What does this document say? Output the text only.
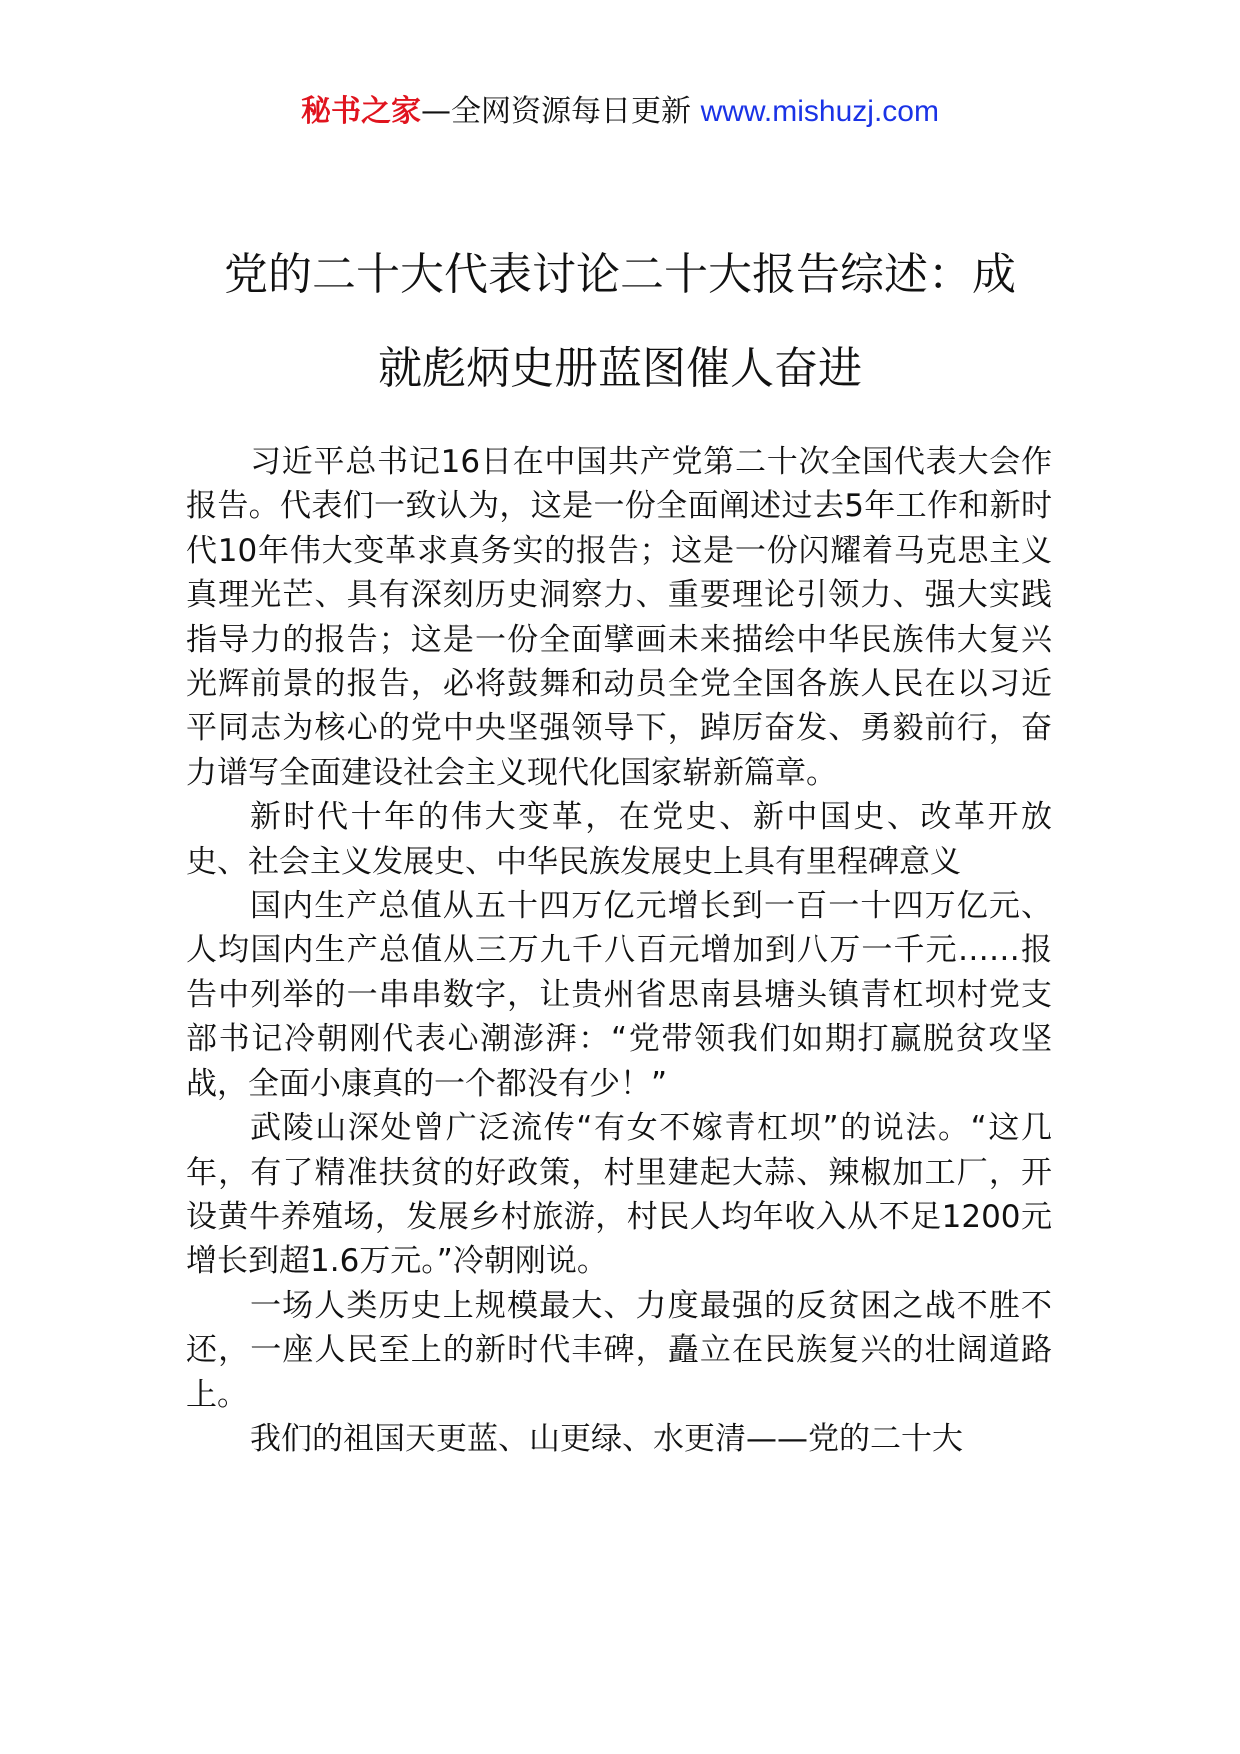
秘书之家—全网资源每日更新 www.mishuzj.com
党的二十大代表讨论二十大报告综述：成
就彪炳史册蓝图催人奋进

习近平总书记16日在中国共产党第二十次全国代表大会作报告。代表们一致认为，这是一份全面阐述过去5年工作和新时代10年伟大变革求真务实的报告；这是一份闪耀着马克思主义真理光芒、具有深刻历史洞察力、重要理论引领力、强大实践指导力的报告；这是一份全面擘画未来描绘中华民族伟大复兴光辉前景的报告，必将鼓舞和动员全党全国各族人民在以习近平同志为核心的党中央坚强领导下，踔厉奋发、勇毅前行，奋力谱写全面建设社会主义现代化国家崭新篇章。

新时代十年的伟大变革，在党史、新中国史、改革开放史、社会主义发展史、中华民族发展史上具有里程碑意义

国内生产总值从五十四万亿元增长到一百一十四万亿元、人均国内生产总值从三万九千八百元增加到八万一千元……报告中列举的一串串数字，让贵州省思南县塘头镇青杠坝村党支部书记冷朝刚代表心潮澎湃：“党带领我们如期打赢脱贫攻坚战，全面小康真的一个都没有少！”

武陵山深处曾广泛流传“有女不嫁青杠坝”的说法。“这几年，有了精准扶贫的好政策，村里建起大蒜、辣椒加工厂，开设黄牛养殖场，发展乡村旅游，村民人均年收入从不足1200元增长到超1.6万元。”冷朝刚说。

一场人类历史上规模最大、力度最强的反贫困之战不胜不还，一座人民至上的新时代丰碑，矗立在民族复兴的壮阔道路上。

我们的祖国天更蓝、山更绿、水更清——党的二十大
